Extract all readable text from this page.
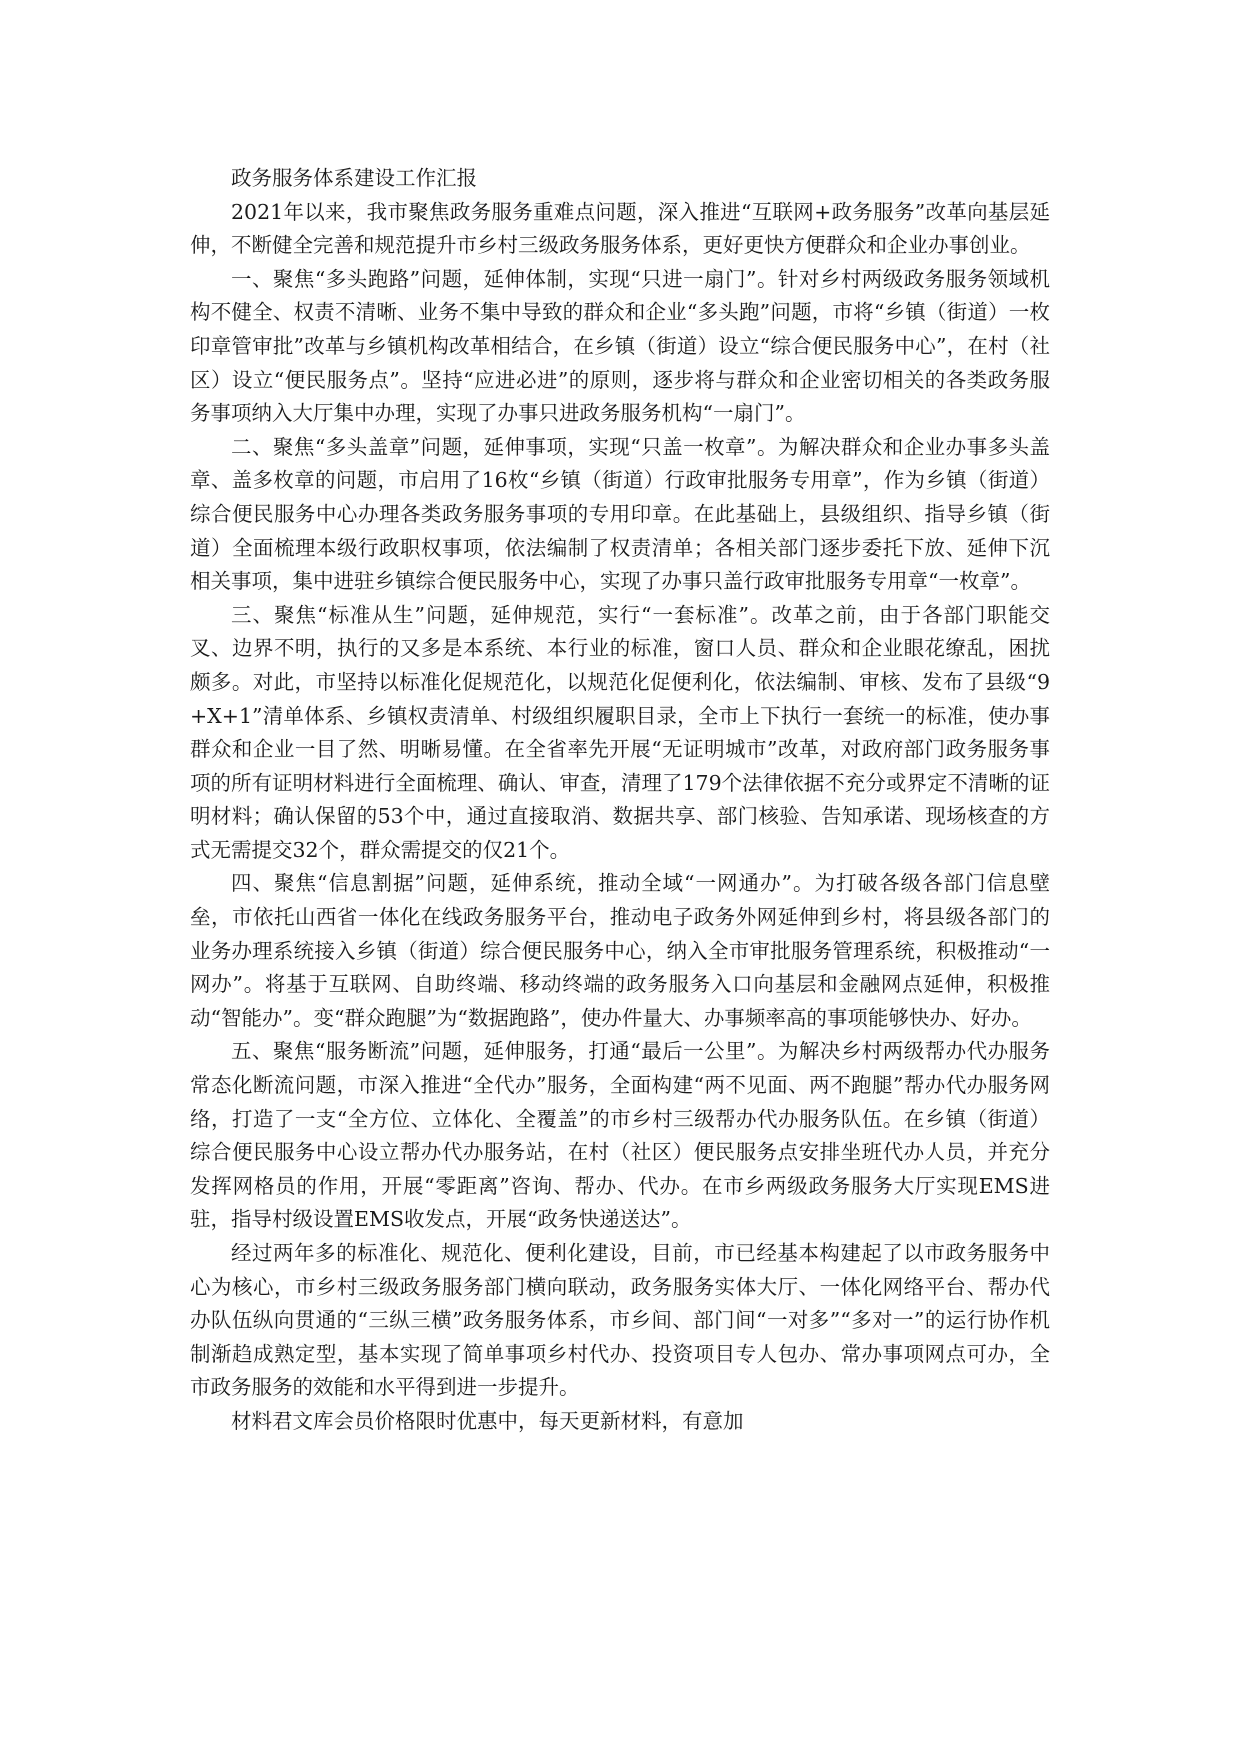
政务服务体系建设工作汇报

2021年以来，我市聚焦政务服务重难点问题，深入推进“互联网+政务服务”改革向基层延伸，不断健全完善和规范提升市乡村三级政务服务体系，更好更快方便群众和企业办事创业。

一、聚焦“多头跑路”问题，延伸体制，实现“只进一扇门”。针对乡村两级政务服务领域机构不健全、权责不清晰、业务不集中导致的群众和企业“多头跑”问题，市将“乡镇（街道）一枚印章管审批”改革与乡镇机构改革相结合，在乡镇（街道）设立“综合便民服务中心”，在村（社区）设立“便民服务点”。坚持“应进必进”的原则，逐步将与群众和企业密切相关的各类政务服务事项纳入大厅集中办理，实现了办事只进政务服务机构“一扇门”。

二、聚焦“多头盖章”问题，延伸事项，实现“只盖一枚章”。为解决群众和企业办事多头盖章、盖多枚章的问题，市启用了16枚“乡镇（街道）行政审批服务专用章”，作为乡镇（街道）综合便民服务中心办理各类政务服务事项的专用印章。在此基础上，县级组织、指导乡镇（街道）全面梳理本级行政职权事项，依法编制了权责清单；各相关部门逐步委托下放、延伸下沉相关事项，集中进驻乡镇综合便民服务中心，实现了办事只盖行政审批服务专用章“一枚章”。

三、聚焦“标准从生”问题，延伸规范，实行“一套标准”。改革之前，由于各部门职能交叉、边界不明，执行的又多是本系统、本行业的标准，窗口人员、群众和企业眼花缭乱，困扰颇多。对此，市坚持以标准化促规范化，以规范化促便利化，依法编制、审核、发布了县级“9+X+1”清单体系、乡镇权责清单、村级组织履职目录，全市上下执行一套统一的标准，使办事群众和企业一目了然、明晰易懂。在全省率先开展“无证明城市”改革，对政府部门政务服务事项的所有证明材料进行全面梳理、确认、审查，清理了179个法律依据不充分或界定不清晰的证明材料；确认保留的53个中，通过直接取消、数据共享、部门核验、告知承诺、现场核查的方式无需提交32个，群众需提交的仅21个。

四、聚焦“信息割据”问题，延伸系统，推动全域“一网通办”。为打破各级各部门信息壁垒，市依托山西省一体化在线政务服务平台，推动电子政务外网延伸到乡村，将县级各部门的业务办理系统接入乡镇（街道）综合便民服务中心，纳入全市审批服务管理系统，积极推动“一网办”。将基于互联网、自助终端、移动终端的政务服务入口向基层和金融网点延伸，积极推动“智能办”。变“群众跑腿”为“数据跑路”，使办件量大、办事频率高的事项能够快办、好办。

五、聚焦“服务断流”问题，延伸服务，打通“最后一公里”。为解决乡村两级帮办代办服务常态化断流问题，市深入推进“全代办”服务，全面构建“两不见面、两不跑腿”帮办代办服务网络，打造了一支“全方位、立体化、全覆盖”的市乡村三级帮办代办服务队伍。在乡镇（街道）综合便民服务中心设立帮办代办服务站，在村（社区）便民服务点安排坐班代办人员，并充分发挥网格员的作用，开展“零距离”咨询、帮办、代办。在市乡两级政务服务大厅实现EMS进驻，指导村级设置EMS收发点，开展“政务快递送达”。

经过两年多的标准化、规范化、便利化建设，目前，市已经基本构建起了以市政务服务中心为核心，市乡村三级政务服务部门横向联动，政务服务实体大厅、一体化网络平台、帮办代办队伍纵向贯通的“三纵三横”政务服务体系，市乡间、部门间“一对多”“多对一”的运行协作机制渐趋成熟定型，基本实现了简单事项乡村代办、投资项目专人包办、常办事项网点可办，全市政务服务的效能和水平得到进一步提升。

材料君文库会员价格限时优惠中，每天更新材料，有意加
